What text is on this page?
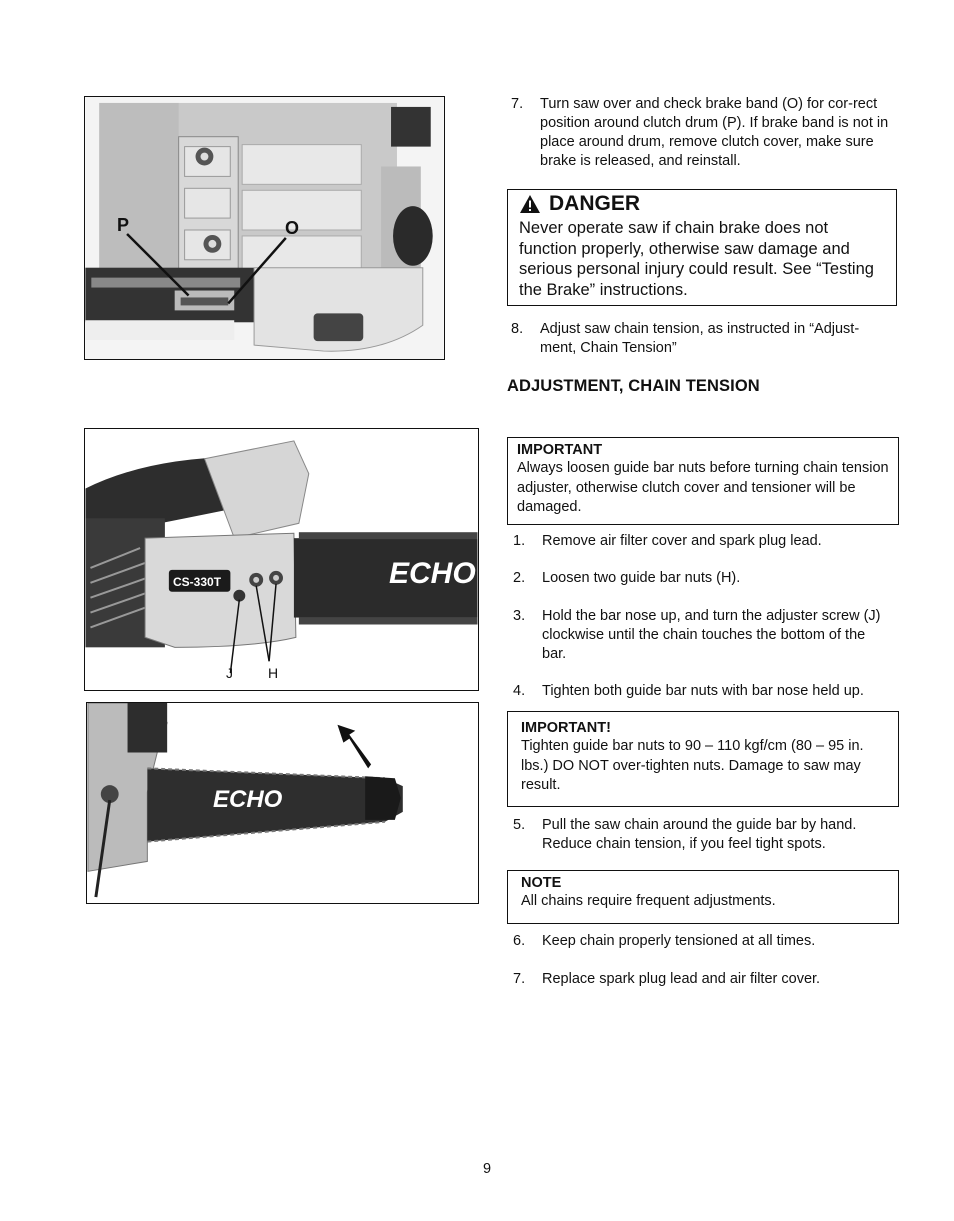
P	O
CS-330T	ECHO
J	H
ECHO
7.	Turn saw over and check brake band (O) for cor-rect position around clutch drum (P). If brake band is not in place around drum, remove clutch cover, make sure brake is released, and reinstall.
DANGER
Never operate saw if chain brake does not function properly, otherwise saw damage and serious personal injury could result. See “Testing the Brake” instructions.
8.	Adjust saw chain tension, as instructed in “Adjust-ment, Chain Tension”
ADJUSTMENT, CHAIN TENSION
IMPORTANT
Always loosen guide bar nuts before turning chain tension adjuster, otherwise clutch cover and tensioner will be damaged.
1.	Remove air filter cover and spark plug lead.
2.	Loosen two guide bar nuts (H).
3.	Hold the bar nose up, and turn the adjuster screw (J) clockwise until the chain touches the bottom of the bar.
4.	Tighten both guide bar nuts with bar nose held up.
IMPORTANT!
Tighten guide bar nuts to 90 – 110 kgf/cm (80 – 95 in. lbs.) DO NOT over-tighten nuts. Damage to saw may result.
5.	Pull the saw chain around the guide bar by hand. Reduce chain tension, if you feel tight spots.
NOTE
All chains require frequent adjustments.
6.	Keep chain properly tensioned at all times.
7.	Replace spark plug lead and air filter cover.
9
